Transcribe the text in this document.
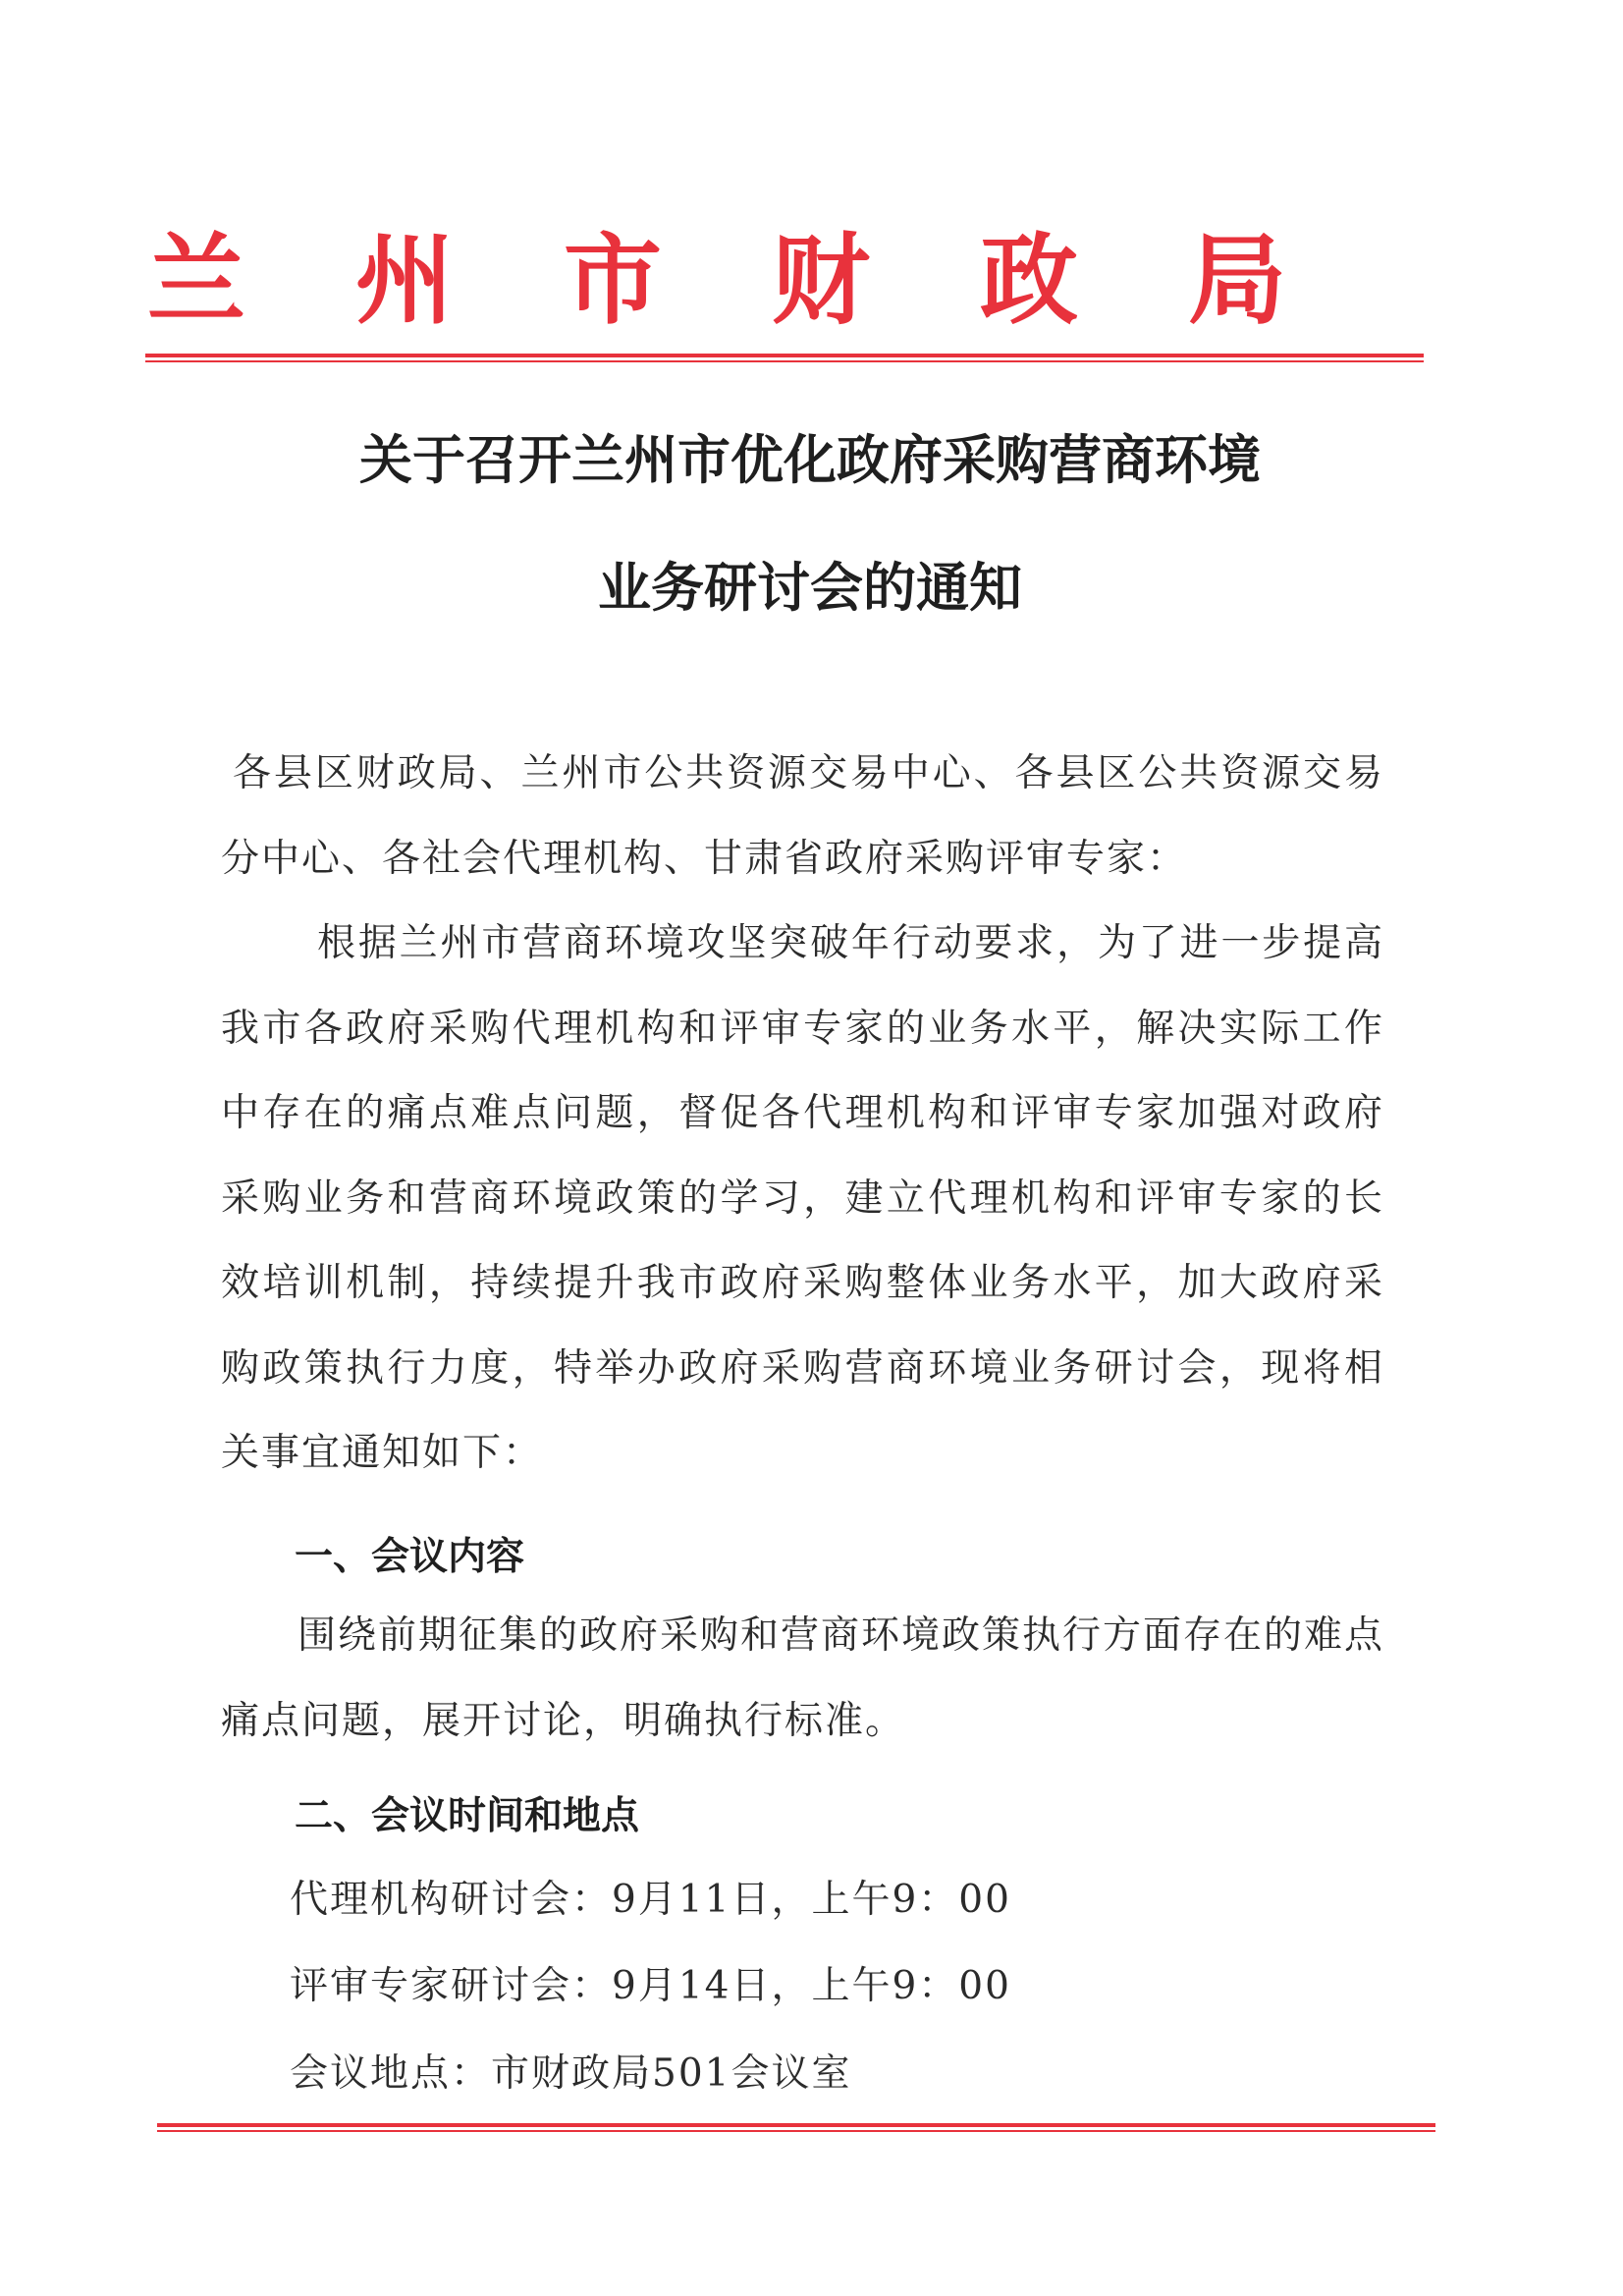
兰 州 市 财 政 局
关于召开兰州市优化政府采购营商环境
业务研讨会的通知

各县区财政局、兰州市公共资源交易中心、各县区公共资源交易分中心、各社会代理机构、甘肃省政府采购评审专家：

根据兰州市营商环境攻坚突破年行动要求，为了进一步提高我市各政府采购代理机构和评审专家的业务水平，解决实际工作中存在的痛点难点问题，督促各代理机构和评审专家加强对政府采购业务和营商环境政策的学习，建立代理机构和评审专家的长效培训机制，持续提升我市政府采购整体业务水平，加大政府采购政策执行力度，特举办政府采购营商环境业务研讨会，现将相关事宜通知如下：

一、会议内容

围绕前期征集的政府采购和营商环境政策执行方面存在的难点痛点问题，展开讨论，明确执行标准。

二、会议时间和地点

代理机构研讨会：9月11日，上午9：00

评审专家研讨会：9月14日，上午9：00

会议地点：市财政局501会议室
